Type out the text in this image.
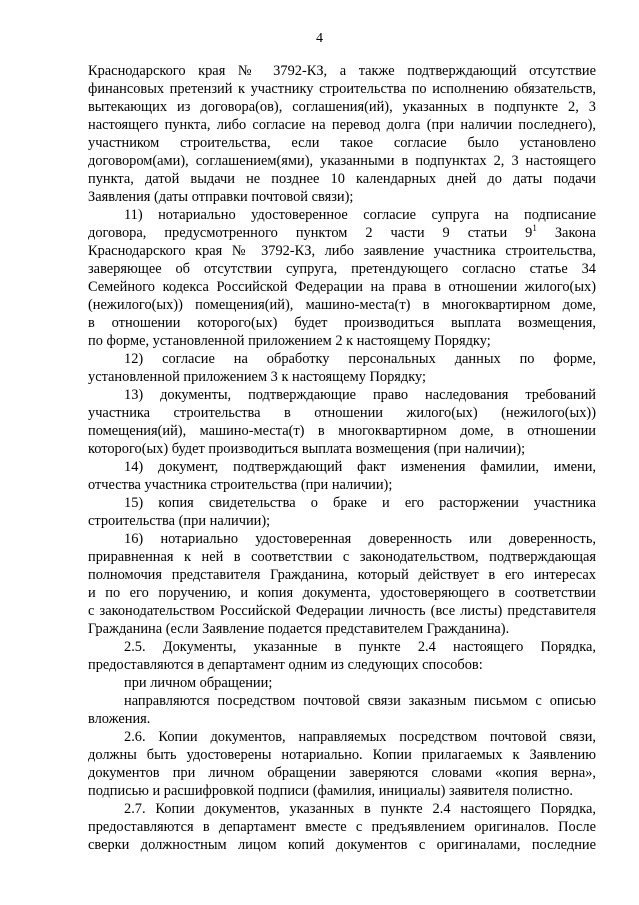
4

Краснодарского края № 3792-КЗ, а также подтверждающий отсутствие

финансовых претензий к участнику строительства по исполнению обязательств,

вытекающих из договора(ов), соглашения(ий), указанных в подпункте 2, 3

настоящего пункта, либо согласие на перевод долга (при наличии последнего),

участником строительства, если такое согласие было установлено

договором(ами), соглашением(ями), указанными в подпунктах 2, 3 настоящего

пункта, датой выдачи не позднее 10 календарных дней до даты подачи

Заявления (даты отправки почтовой связи);

11) нотариально удостоверенное согласие супруга на подписание

договора, предусмотренного пунктом 2 части 9 статьи $9^1$ Закона

Краснодарского края № 3792-КЗ, либо заявление участника строительства,

заверяющее об отсутствии супруга, претендующего согласно статье 34

Семейного кодекса Российской Федерации на права в отношении жилого(ых)

(нежилого(ых)) помещения(ий), машино-места(т) в многоквартирном доме,

в отношении которого(ых) будет производиться выплата возмещения,

по форме, установленной приложением 2 к настоящему Порядку;

12) согласие на обработку персональных данных по форме,

установленной приложением 3 к настоящему Порядку;

13) документы, подтверждающие право наследования требований

участника строительства в отношении жилого(ых) (нежилого(ых))

помещения(ий), машино-места(т) в многоквартирном доме, в отношении

которого(ых) будет производиться выплата возмещения (при наличии);

14) документ, подтверждающий факт изменения фамилии, имени,

отчества участника строительства (при наличии);

15) копия свидетельства о браке и его расторжении участника

строительства (при наличии);

16) нотариально удостоверенная доверенность или доверенность,

приравненная к ней в соответствии с законодательством, подтверждающая

полномочия представителя Гражданина, который действует в его интересах

и по его поручению, и копия документа, удостоверяющего в соответствии

с законодательством Российской Федерации личность (все листы) представителя

Гражданина (если Заявление подается представителем Гражданина).

2.5. Документы, указанные в пункте 2.4 настоящего Порядка,

предоставляются в департамент одним из следующих способов:

при личном обращении;

направляются посредством почтовой связи заказным письмом с описью

вложения.

2.6. Копии документов, направляемых посредством почтовой связи,

должны быть удостоверены нотариально. Копии прилагаемых к Заявлению

документов при личном обращении заверяются словами «копия верна»,

подписью и расшифровкой подписи (фамилия, инициалы) заявителя полистно.

2.7. Копии документов, указанных в пункте 2.4 настоящего Порядка,

предоставляются в департамент вместе с предъявлением оригиналов. После

сверки должностным лицом копий документов с оригиналами, последние
